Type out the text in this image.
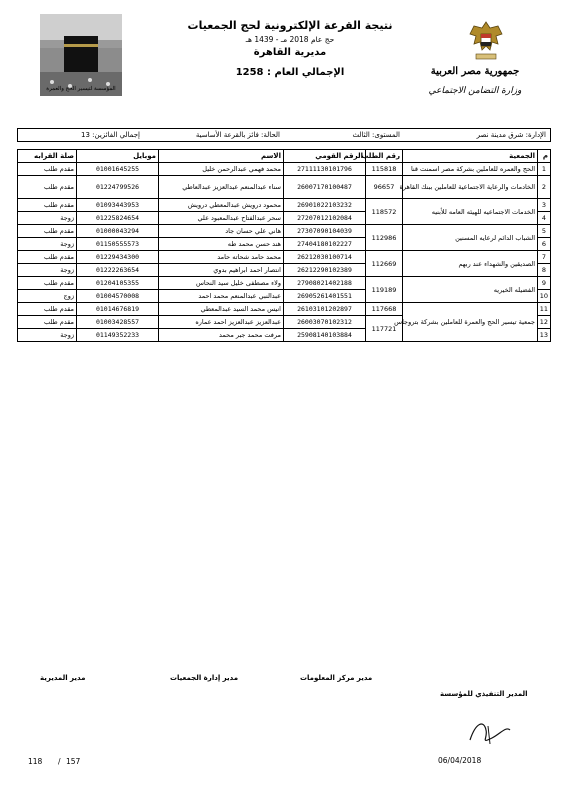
المؤسسة لتيسير الحج والعمرة
نتيجة القرعة الإلكترونية لحج الجمعيات
حج عام 2018 مـ - 1439 هـ
مديرية القاهرة
الإجمالي العام : 1258	جمهورية مصر العربية
وزارة التضامن الاجتماعي
الإدارة: شرق مدينة نصر
المستوى: الثالث
الحالة: فائز بالقرعة الأساسية
إجمالي الفائزين: 13
م	الجمعية	رقم الطلب	الرقم القومي	الاسم	موبايل	صلة القرابه
1	الحج والعمره للعاملين بشركة مصر اسمنت قنا	115818	27111130101796	محمد فهمي عبدالرحمن خليل	01001645255	مقدم طلب
2	الخادمات والرعاية الاجتماعية للعاملين ببنك القاهرة	96657	26007170100487	سناء عبدالمنعم عبدالعزيز عبدالعاطي	01224799526	مقدم طلب
3	الخدمات الاجتماعيه للهيئه العامه للأبنيه	118572	26901022103232	محمود درويش عبدالمعطي درويش	01093443953	مقدم طلب
4			27207012102084	سحر عبدالفتاح عبدالمعبود علي	01225824654	زوجة
5	الشباب الدائم لرعايه المسنين	112986	27307090104039	هاني علي حسان جاد	01000043294	مقدم طلب
6			27404180102227	هند حسن محمد طه	01150555573	زوجة
7	الصديقين والشهداء عند ربهم	112669	26212030100714	محمد حامد شحاته حامد	01229434300	مقدم طلب
8			26212290102389	انتصار احمد ابراهيم بدوي	01222263654	زوجة
9	الفضيله الخيريه	119189	27908021402188	ولاء مصطفى خليل سيد النحاس	01204105355	مقدم طلب
10			26905261401551	عبدالنبي عبدالمنعم محمد احمد	01004570008	زوج
11	جمعية تيسير الحج والعمرة للعاملين بشركة بتروجاس	117668	26103101202897	انيس محمد السيد عبدالمعطي	01014676819	مقدم طلب
12		117721	26003070102312	عبدالعزيز عبدالعزيز احمد عماره	01003428557	مقدم طلب
13			25908140103884	مرفت محمد جبر محمد	01149352233	زوجة
مدير المديرية	مدير إدارة الجمعيات	مدير مركز المعلومات
المدير التنفيذي للمؤسسة
06/04/2018
118 / 157
